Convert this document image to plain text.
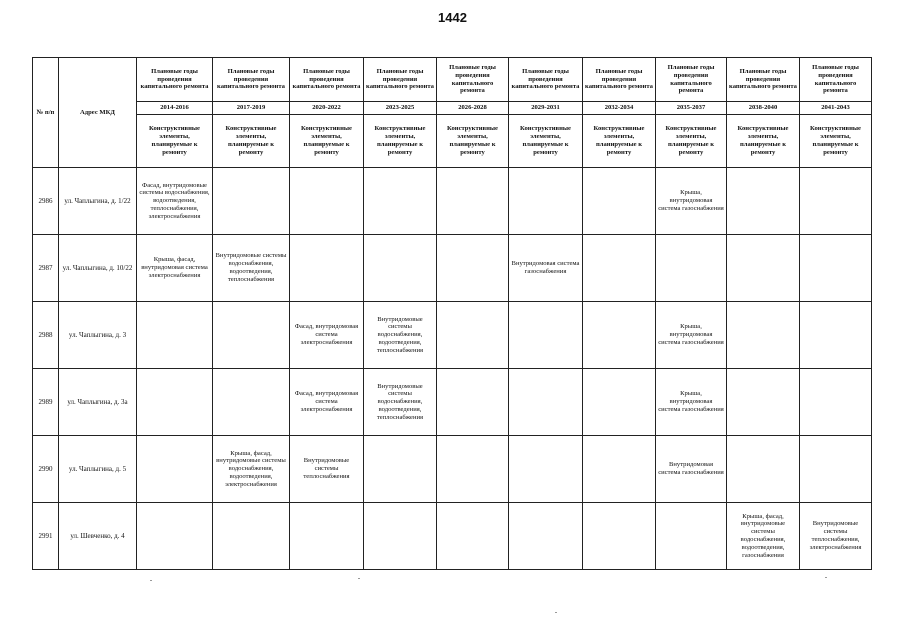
1442
№ п/п	Адрес МКД	Плановые годы проведения капитального ремонта	Плановые годы проведения капитального ремонта	Плановые годы проведения капитального ремонта	Плановые годы проведения капитального ремонта	Плановые годы проведения капитального ремонта	Плановые годы проведения капитального ремонта	Плановые годы проведения капитального ремонта	Плановые годы проведения капитального ремонта	Плановые годы проведения капитального ремонта	Плановые годы проведения капитального ремонта
		2014-2016	2017-2019	2020-2022	2023-2025	2026-2028	2029-2031	2032-2034	2035-2037	2038-2040	2041-2043
		Конструктивные элементы, планируемые к ремонту	Конструктивные элементы, планируемые к ремонту	Конструктивные элементы, планируемые к ремонту	Конструктивные элементы, планируемые к ремонту	Конструктивные элементы, планируемые к ремонту	Конструктивные элементы, планируемые к ремонту	Конструктивные элементы, планируемые к ремонту	Конструктивные элементы, планируемые к ремонту	Конструктивные элементы, планируемые к ремонту	Конструктивные элементы, планируемые к ремонту
2986	ул. Чаплыгина, д. 1/22	Фасад, внутридомовые системы водоснабжения, водоотведения, теплоснабжения, электроснабжения							Крыша, внутридомовая система газоснабжения		
2987	ул. Чаплыгина, д. 10/22	Крыша, фасад, внутридомовая система электроснабжения	Внутридомовые системы водоснабжения, водоотведения, теплоснабжения				Внутридомовая система газоснабжения				
2988	ул. Чаплыгина, д. 3			Фасад, внутридомовая система электроснабжения	Внутридомовые системы водоснабжения, водоотведения, теплоснабжения				Крыша, внутридомовая система газоснабжения		
2989	ул. Чаплыгина, д. 3а			Фасад, внутридомовая система электроснабжения	Внутридомовые системы водоснабжения, водоотведения, теплоснабжения				Крыша, внутридомовая система газоснабжения		
2990	ул. Чаплыгина, д. 5		Крыша, фасад, внутридомовые системы водоснабжения, водоотведения, электроснабжения	Внутридомовые системы теплоснабжения					Внутридомовая система газоснабжения		
2991	ул. Шевченко, д. 4									Крыша, фасад, внутридомовые системы водоснабжения, водоотведения, газоснабжения	Внутридомовые системы теплоснабжения, электроснабжения
